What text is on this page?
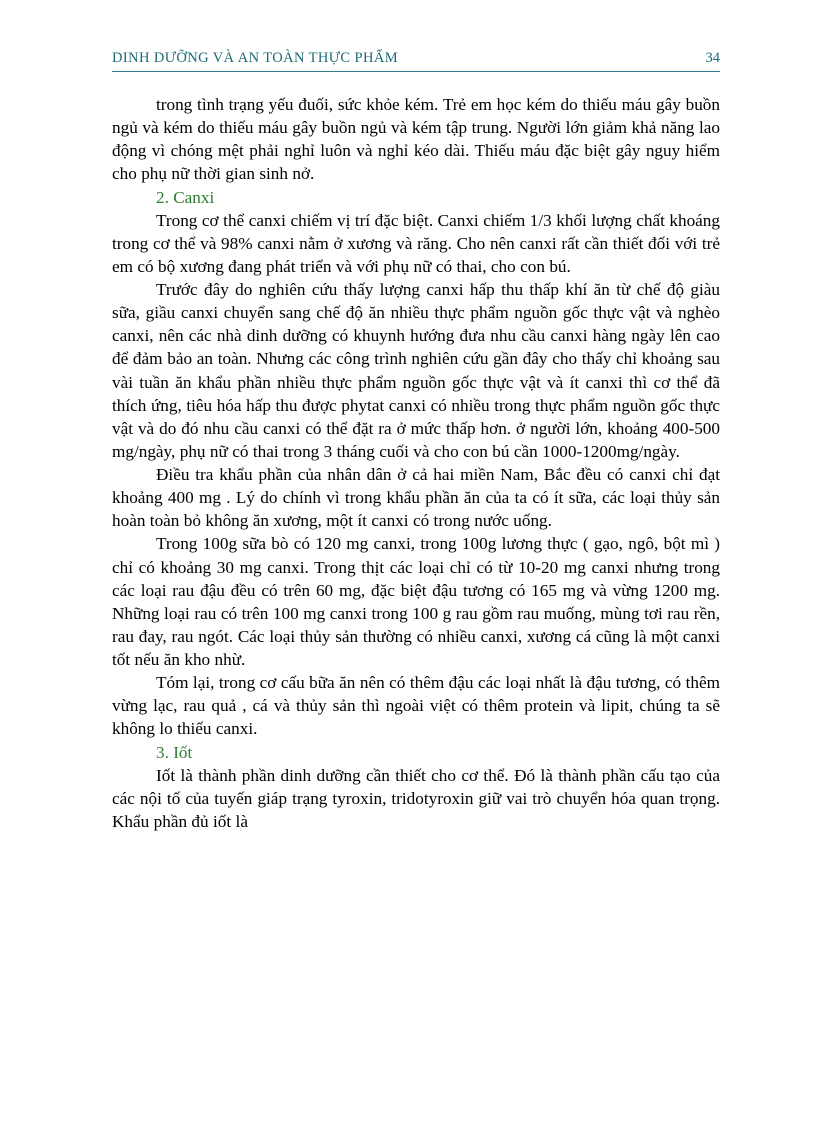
DINH DƯỠNG VÀ AN TOÀN THỰC PHẨM	34

trong tình trạng yếu đuối, sức khỏe kém. Trẻ em học kém do thiếu máu gây buồn ngủ và kém do thiếu máu gây buồn ngủ và kém tập trung. Người lớn giảm khả năng lao động vì chóng mệt phải nghỉ luôn và nghỉ kéo dài. Thiếu máu đặc biệt gây nguy hiểm cho phụ nữ thời gian sinh nở.

2. Canxi

Trong cơ thể canxi chiếm vị trí đặc biệt. Canxi chiếm 1/3 khối lượng chất khoáng trong cơ thể và 98% canxi nằm ở xương và răng. Cho nên canxi rất cần thiết đối với trẻ em có bộ xương đang phát triển và với phụ nữ có thai, cho con bú.

Trước đây do nghiên cứu thấy lượng canxi hấp thu thấp khí ăn từ chế độ giàu sữa, giầu canxi chuyển sang chế độ ăn nhiều thực phẩm nguồn gốc thực vật và nghèo canxi, nên các nhà dinh dưỡng có khuynh hướng đưa nhu cầu canxi hàng ngày lên cao để đảm bảo an toàn. Nhưng các công trình nghiên cứu gần đây cho thấy chỉ khoảng sau vài tuần ăn khẩu phần nhiều thực phẩm nguồn gốc thực vật và ít canxi thì cơ thể đã thích ứng, tiêu hóa hấp thu được phytat canxi có nhiều trong thực phẩm nguồn gốc thực vật và do đó nhu cầu canxi có thể đặt ra ở mức thấp hơn. ở người lớn, khoảng 400-500 mg/ngày, phụ nữ có thai trong 3 tháng cuối và cho con bú cần 1000-1200mg/ngày.

Điều tra khẩu phần của nhân dân ở cả hai miền Nam, Bắc đều có canxi chỉ đạt khoảng 400 mg . Lý do chính vì trong khẩu phần ăn của ta có ít sữa, các loại thủy sản hoàn toàn bỏ không ăn xương, một ít canxi có trong nước uống.

Trong 100g sữa bò có 120 mg canxi, trong 100g lương thực ( gạo, ngô, bột mì ) chỉ có khoảng 30 mg canxi. Trong thịt các loại chỉ có từ 10-20 mg canxi nhưng trong các loại rau đậu đều có trên 60 mg, đặc biệt đậu tương có 165 mg và vừng 1200 mg. Những loại rau có trên 100 mg canxi trong 100 g rau gồm rau muống, mùng tơi rau rền, rau đay, rau ngót. Các loại thủy sản thường có nhiều canxi, xương cá cũng là một canxi tốt nếu ăn kho nhừ.

Tóm lại, trong cơ cấu bữa ăn nên có thêm đậu các loại nhất là đậu tương, có thêm vừng lạc, rau quả , cá và thủy sản thì ngoài việt có thêm protein và lipit, chúng ta sẽ không lo thiếu canxi.

3. Iốt

Iốt là thành phần dinh dưỡng cần thiết cho cơ thể. Đó là thành phần cấu tạo của các nội tố của tuyến giáp trạng tyroxin, tridotyroxin giữ vai trò chuyển hóa quan trọng. Khẩu phần đủ iốt là
